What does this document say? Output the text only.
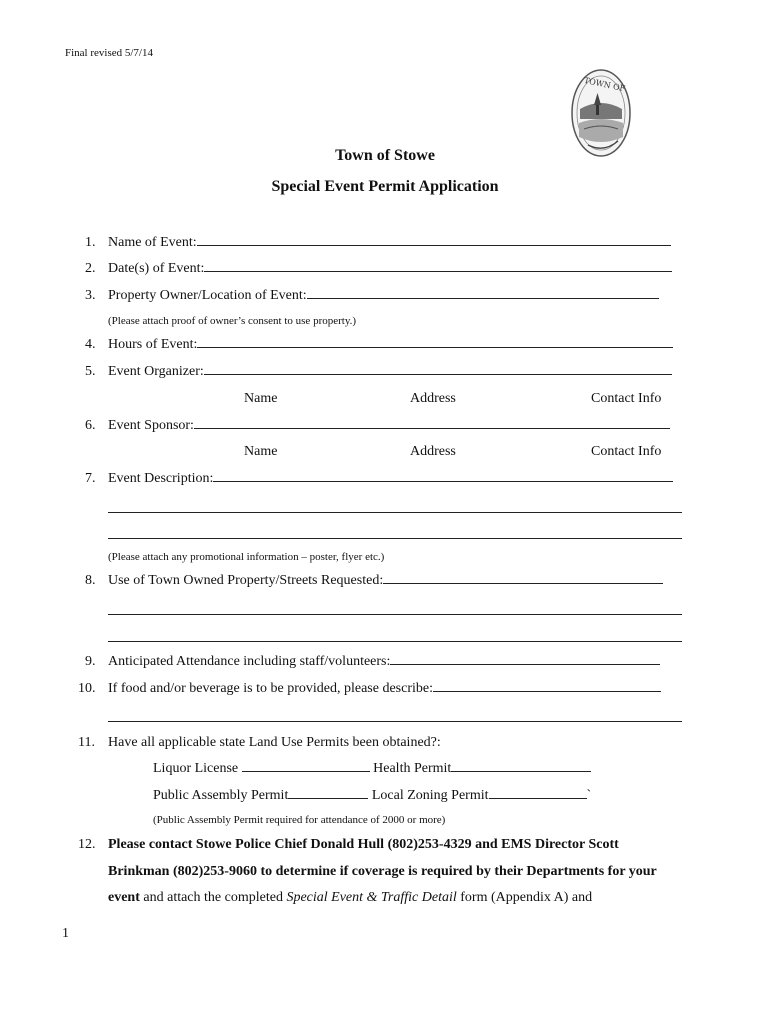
Final revised 5/7/14
TOWN OF
Town of Stowe
Special Event Permit Application
1. Name of Event:
2. Date(s) of Event:
3. Property Owner/Location of Event:
(Please attach proof of owner’s consent to use property.)
4. Hours of Event:
5. Event Organizer:
Name	Address	Contact Info
6. Event Sponsor:
Name	Address	Contact Info
7. Event Description:
(Please attach any promotional information – poster, flyer etc.)
8. Use of Town Owned Property/Streets Requested:
9. Anticipated Attendance including staff/volunteers:
10. If food and/or beverage is to be provided, please describe:
11. Have all applicable state Land Use Permits been obtained?:
Liquor License	Health Permit
Public Assembly Permit	Local Zoning Permit	`
(Public Assembly Permit required for attendance of 2000 or more)
12. Please contact Stowe Police Chief Donald Hull (802)253-4329 and EMS Director Scott
Brinkman (802)253-9060 to determine if coverage is required by their Departments for your
event and attach the completed Special Event & Traffic Detail form (Appendix A) and
1
